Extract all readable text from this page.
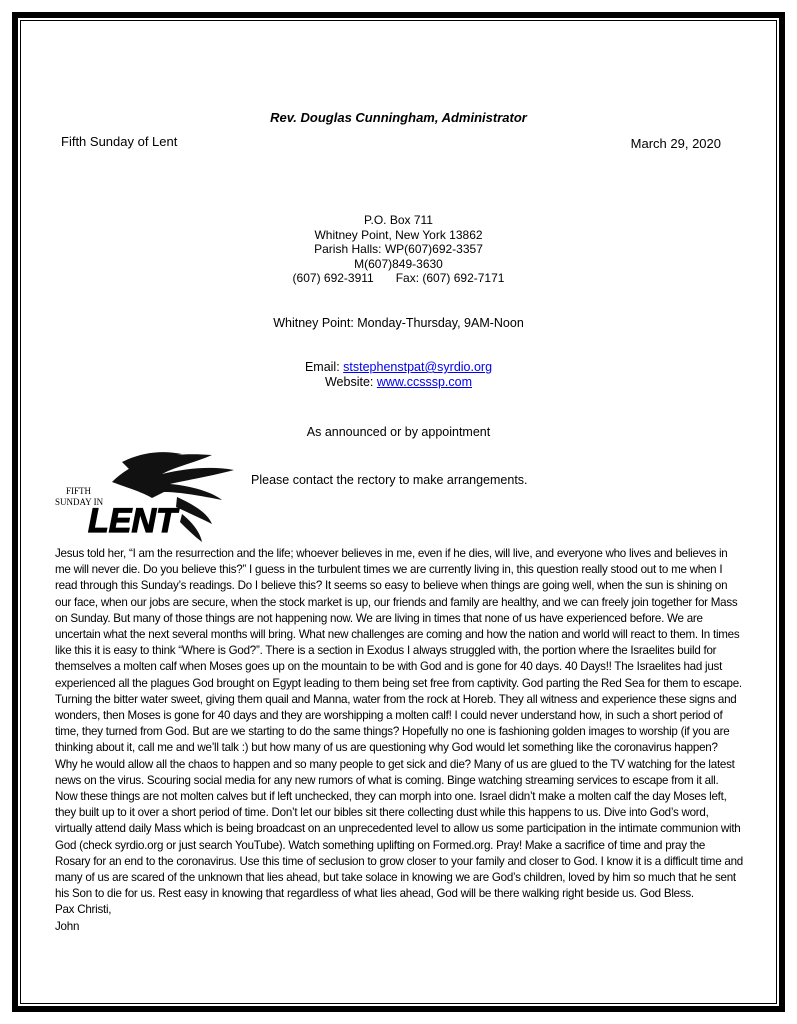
Rev. Douglas Cunningham, Administrator
Fifth Sunday of Lent	March 29, 2020
P.O. Box 711
Whitney Point, New York 13862
Parish Halls: WP(607)692-3357
M(607)849-3630
(607) 692-3911 Fax: (607) 692-7171
Whitney Point: Monday-Thursday, 9AM-Noon
Email: ststephenstpat@syrdio.org
Website: www.ccsssp.com
As announced or by appointment
FIFTH
SUNDAY IN
LENT
Please contact the rectory to make arrangements.

Jesus told her, “I am the resurrection and the life; whoever believes in me, even if he dies, will live, and everyone who lives and believes in me will never die. Do you believe this?” I guess in the turbulent times we are currently living in, this question really stood out to me when I read through this Sunday’s readings. Do I believe this? It seems so easy to believe when things are going well, when the sun is shining on our face, when our jobs are secure, when the stock market is up, our friends and family are healthy, and we can freely join together for Mass on Sunday. But many of those things are not happening now. We are living in times that none of us have experienced before. We are uncertain what the next several months will bring. What new challenges are coming and how the nation and world will react to them. In times like this it is easy to think “Where is God?”. There is a section in Exodus I always struggled with, the portion where the Israelites build for themselves a molten calf when Moses goes up on the mountain to be with God and is gone for 40 days. 40 Days!! The Israelites had just experienced all the plagues God brought on Egypt leading to them being set free from captivity. God parting the Red Sea for them to escape. Turning the bitter water sweet, giving them quail and Manna, water from the rock at Horeb. They all witness and experience these signs and wonders, then Moses is gone for 40 days and they are worshipping a molten calf! I could never understand how, in such a short period of time, they turned from God. But are we starting to do the same things? Hopefully no one is fashioning golden images to worship (if you are thinking about it, call me and we’ll talk :) but how many of us are questioning why God would let something like the coronavirus happen? Why he would allow all the chaos to happen and so many people to get sick and die? Many of us are glued to the TV watching for the latest news on the virus. Scouring social media for any new rumors of what is coming. Binge watching streaming services to escape from it all. Now these things are not molten calves but if left unchecked, they can morph into one. Israel didn’t make a molten calf the day Moses left, they built up to it over a short period of time. Don’t let our bibles sit there collecting dust while this happens to us. Dive into God’s word, virtually attend daily Mass which is being broadcast on an unprecedented level to allow us some participation in the intimate communion with God (check syrdio.org or just search YouTube). Watch something uplifting on Formed.org. Pray! Make a sacrifice of time and pray the Rosary for an end to the coronavirus. Use this time of seclusion to grow closer to your family and closer to God. I know it is a difficult time and many of us are scared of the unknown that lies ahead, but take solace in knowing we are God’s children, loved by him so much that he sent his Son to die for us. Rest easy in knowing that regardless of what lies ahead, God will be there walking right beside us. God Bless.

Pax Christi,

John
